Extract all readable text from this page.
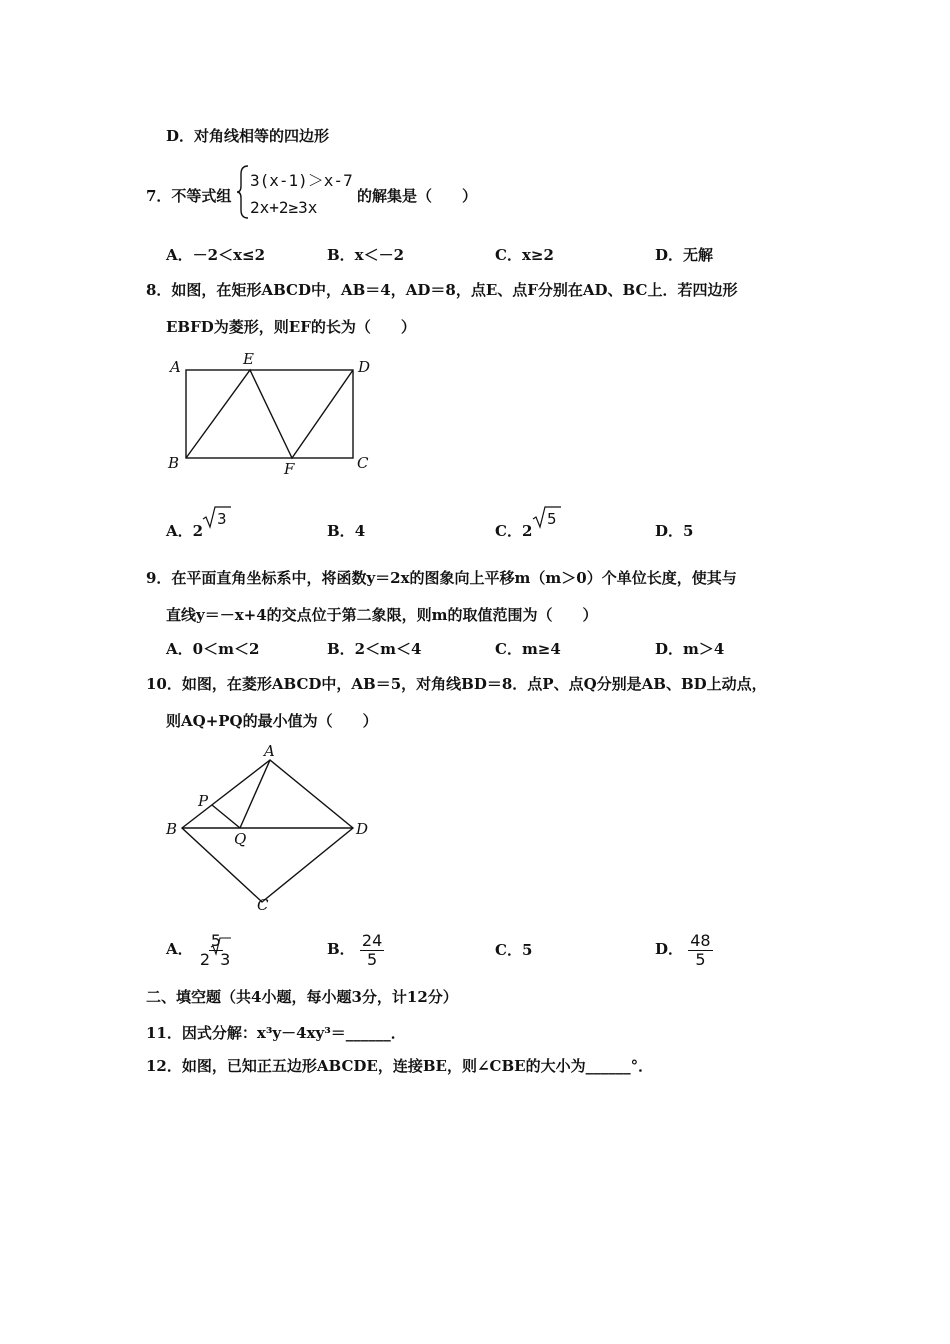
D．对角线相等的四边形
7．不等式组
3(x-1)＞x-7
2x+2≥3x
的解集是（　　）
A．－2＜x≤2	B．x＜－2	C．x≥2	D．无解
8．如图，在矩形ABCD中，AB＝4，AD＝8，点E、点F分别在AD、BC上．若四边形
EBFD为菱形，则EF的长为（　　）
A	E	D
B	F	C
A．2
3
B．4	C．2
5
D．5
9．在平面直角坐标系中，将函数y＝2x的图象向上平移m（m＞0）个单位长度，使其与
直线y＝－x+4的交点位于第二象限，则m的取值范围为（　　）
A．0＜m＜2	B．2＜m＜4	C．m≥4	D．m＞4
10．如图，在菱形ABCD中，AB＝5，对角线BD＝8．点P、点Q分别是AB、BD上动点，
则AQ+PQ的最小值为（　　）
A
P
B
Q
D
C
A． $\frac{5}{2 3}$	B． $\frac{24}{5}$	C．5	D． $\frac{48}{5}$
二、填空题（共4小题，每小题3分，计12分）
11．因式分解：x³y－4xy³＝______．
12．如图，已知正五边形ABCDE，连接BE，则∠CBE的大小为______°．
